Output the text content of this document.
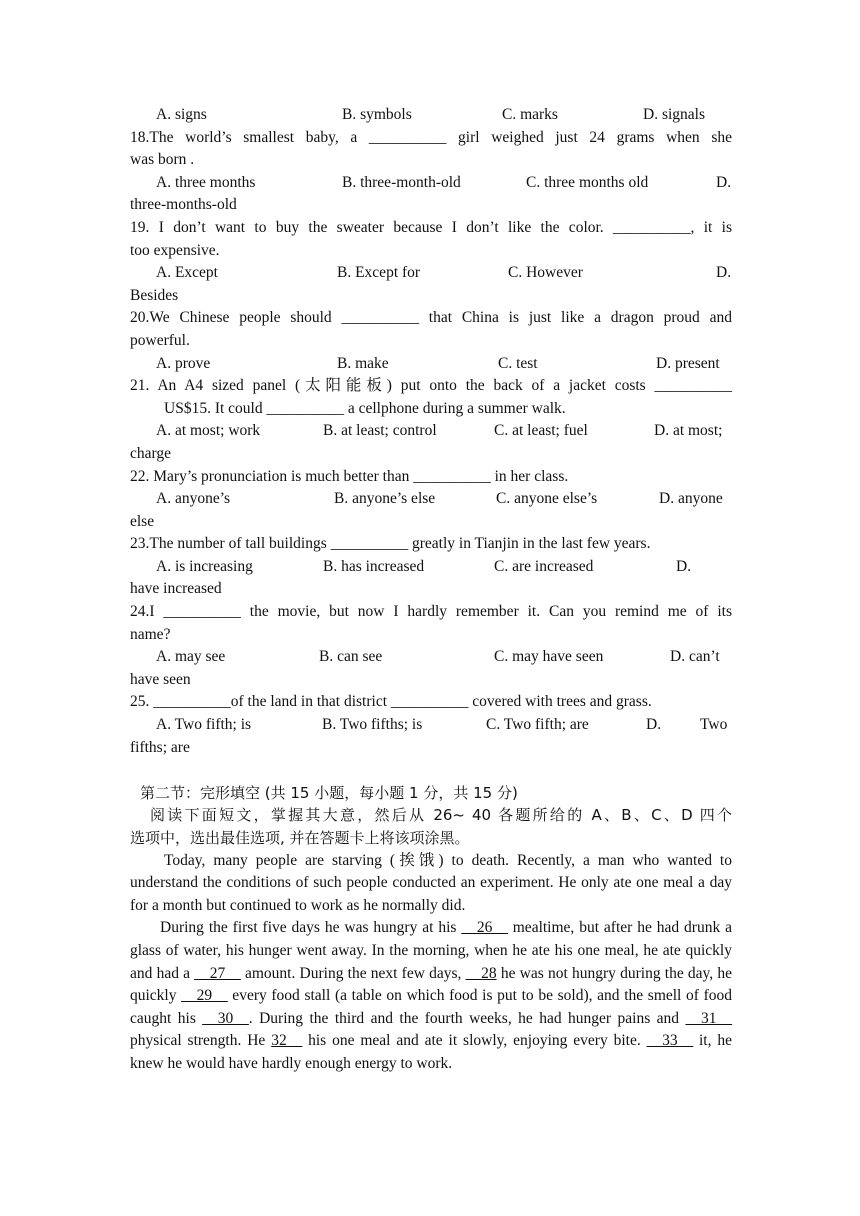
A. signs	B. symbols	C. marks	D. signals
18.The world’s smallest baby, a __________ girl weighed just 24 grams when she
was born .
A. three months	B. three-month-old	C. three months old	D.
three-months-old
19. I don’t want to buy the sweater because I don’t like the color. __________, it is
too expensive.
A. Except	B. Except for	C. However	D.
Besides
20.We Chinese people should __________ that China is just like a dragon proud and
powerful.
A. prove	B. make	C. test	D. present
21. An A4 sized panel (太阳能板) put onto the back of a jacket costs __________
US$15. It could __________ a cellphone during a summer walk.
A. at most; work	B. at least; control	C. at least; fuel	D. at most;
charge
22. Mary’s pronunciation is much better than __________ in her class.
A. anyone’s	B. anyone’s else	C. anyone else’s	D. anyone
else
23.The number of tall buildings __________ greatly in Tianjin in the last few years.
A. is increasing	B. has increased	C. are increased	D.
have increased
24.I __________ the movie, but now I hardly remember it. Can you remind me of its
name?
A. may see	B. can see	C. may have seen	D. can’t
have seen
25. __________of the land in that district __________ covered with trees and grass.
A. Two fifth; is	B. Two fifths; is	C. Two fifth; are	D.	Two
fifths; are
第二节：完形填空 (共 15 小题，每小题 1 分，共 15 分)
阅读下面短文，掌握其大意，然后从 26~ 40 各题所给的 A、B、C、D 四个
选项中，选出最佳选项, 并在答题卡上将该项涂黑。
Today, many people are starving (挨饿) to death. Recently, a man who wanted to understand the conditions of such people conducted an experiment. He only ate one meal a day for a month but continued to work as he normally did.
During the first five days he was hungry at his __26__ mealtime, but after he had drunk a glass of water, his hunger went away. In the morning, when he ate his one meal, he ate quickly and had a __27__ amount. During the next few days, __28 he was not hungry during the day, he quickly __29__ every food stall (a table on which food is put to be sold), and the smell of food caught his __30__. During the third and the fourth weeks, he had hunger pains and __31__ physical strength. He 32__ his one meal and ate it slowly, enjoying every bite. __33__ it, he knew he would have hardly enough energy to work.
